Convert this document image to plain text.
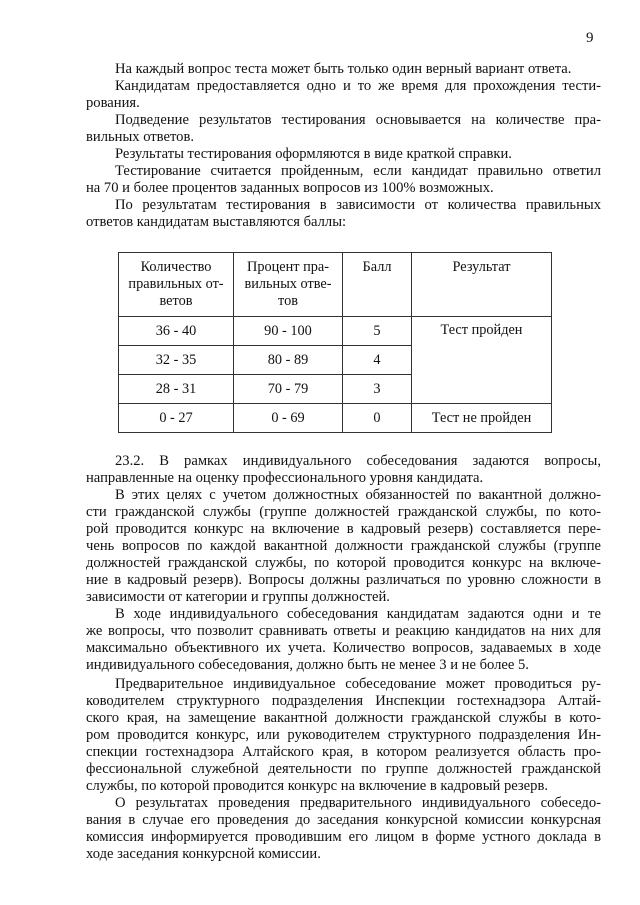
9
На каждый вопрос теста может быть только один верный вариант ответа.
Кандидатам предоставляется одно и то же время для прохождения тести-
рования.
Подведение результатов тестирования основывается на количестве пра-
вильных ответов.
Результаты тестирования оформляются в виде краткой справки.
Тестирование считается пройденным, если кандидат правильно ответил
на 70 и более процентов заданных вопросов из 100% возможных.
По результатам тестирования в зависимости от количества правильных
ответов кандидатам выставляются баллы:
Количество
правильных от-
ветов	Процент пра-
вильных отве-
тов	Балл	Результат

36 - 40	90 - 100	5	Тест пройден
32 - 35	80 - 89	4	
28 - 31	70 - 79	3	
0 - 27	0 - 69	0	Тест не пройден
23.2. В рамках индивидуального собеседования задаются вопросы,
направленные на оценку профессионального уровня кандидата.
В этих целях с учетом должностных обязанностей по вакантной должно-
сти гражданской службы (группе должностей гражданской службы, по кото-
рой проводится конкурс на включение в кадровый резерв) составляется пере-
чень вопросов по каждой вакантной должности гражданской службы (группе
должностей гражданской службы, по которой проводится конкурс на включе-
ние в кадровый резерв). Вопросы должны различаться по уровню сложности в
зависимости от категории и группы должностей.
В ходе индивидуального собеседования кандидатам задаются одни и те
же вопросы, что позволит сравнивать ответы и реакцию кандидатов на них для
максимально объективного их учета. Количество вопросов, задаваемых в ходе
индивидуального собеседования, должно быть не менее 3 и не более 5.
Предварительное индивидуальное собеседование может проводиться ру-
ководителем структурного подразделения Инспекции гостехнадзора Алтай-
ского края, на замещение вакантной должности гражданской службы в кото-
ром проводится конкурс, или руководителем структурного подразделения Ин-
спекции гостехнадзора Алтайского края, в котором реализуется область про-
фессиональной служебной деятельности по группе должностей гражданской
службы, по которой проводится конкурс на включение в кадровый резерв.
О результатах проведения предварительного индивидуального собеседо-
вания в случае его проведения до заседания конкурсной комиссии конкурсная
комиссия информируется проводившим его лицом в форме устного доклада в
ходе заседания конкурсной комиссии.
